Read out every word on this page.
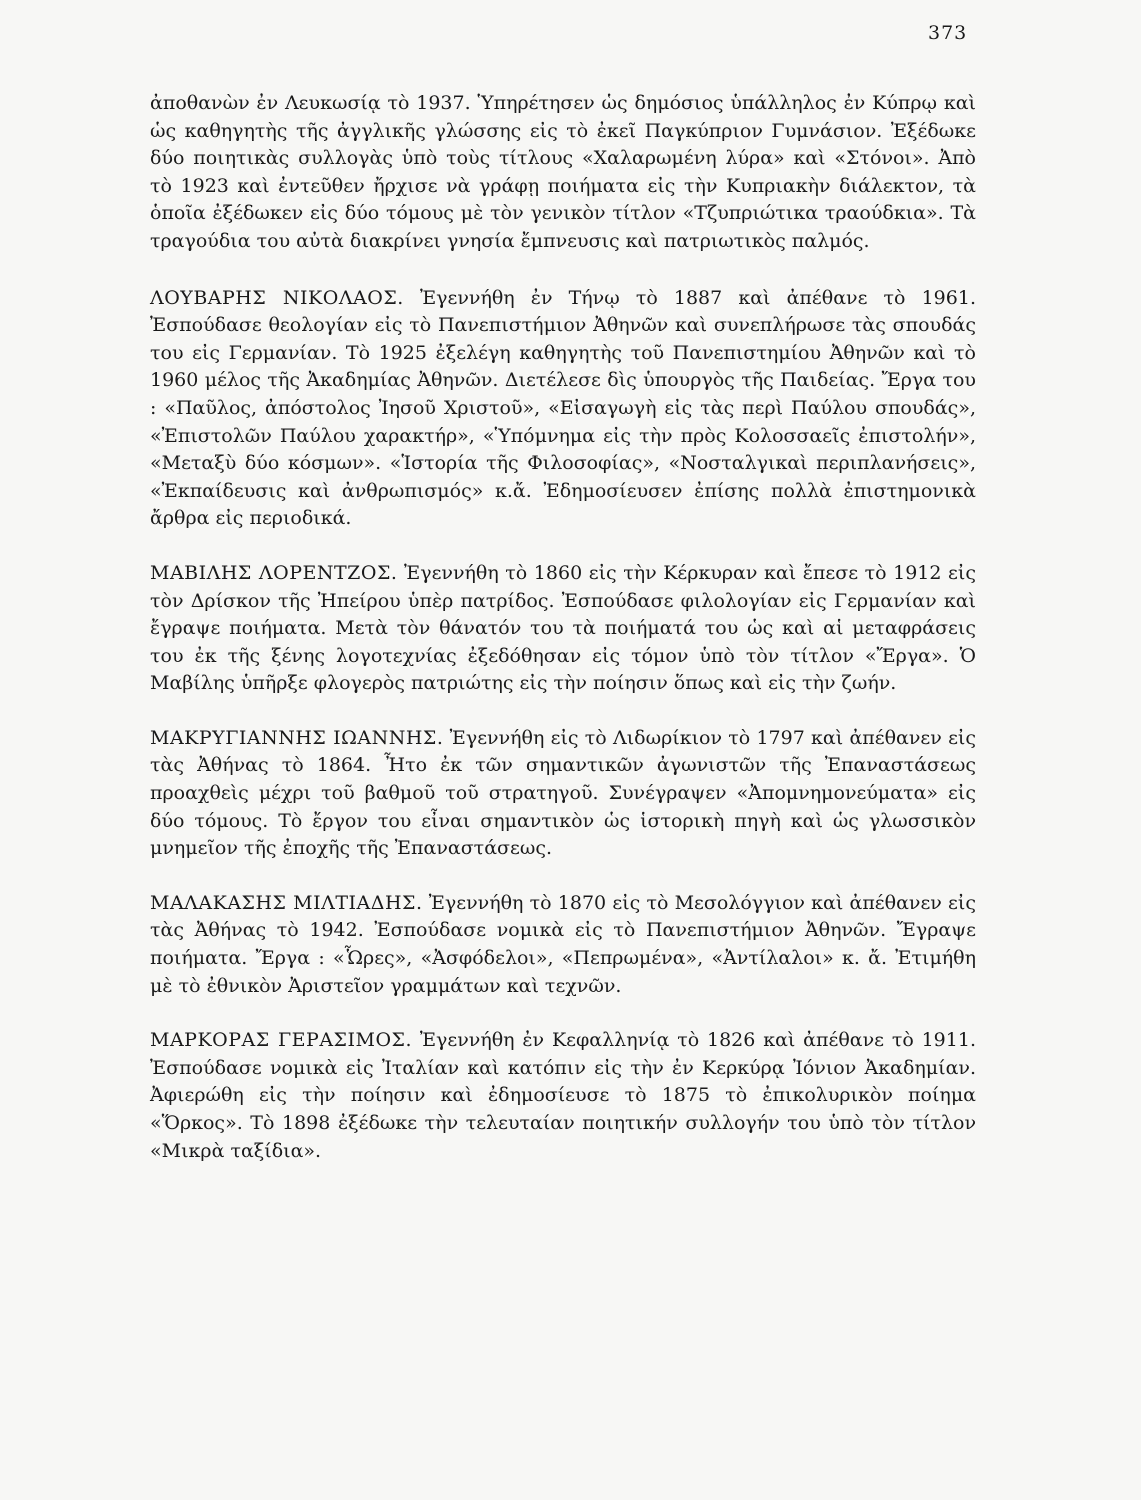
373

ἀποθανὼν ἐν Λευκωσίᾳ τὸ 1937. Ὑπηρέτησεν ὡς δημόσιος ὑπάλληλος ἐν Κύπρῳ καὶ ὡς καθηγητὴς τῆς ἀγγλικῆς γλώσσης εἰς τὸ ἐκεῖ Παγκύπριον Γυμνάσιον. Ἐξέδωκε δύο ποιητικὰς συλλογὰς ὑπὸ τοὺς τίτλους «Χαλαρωμένη λύρα» καὶ «Στόνοι». Ἀπὸ τὸ 1923 καὶ ἐντεῦθεν ἤρχισε νὰ γράφῃ ποιήματα εἰς τὴν Κυπριακὴν διάλεκτον, τὰ ὁποῖα ἐξέδωκεν εἰς δύο τόμους μὲ τὸν γενικὸν τίτλον «Τζυπριώτικα τραούδκια». Τὰ τραγούδια του αὐτὰ διακρίνει γνησία ἔμπνευσις καὶ πατριωτικὸς παλμός.

ΛΟΥΒΑΡΗΣ ΝΙΚΟΛΑΟΣ. Ἐγεννήθη ἐν Τήνῳ τὸ 1887 καὶ ἀπέθανε τὸ 1961. Ἐσπούδασε θεολογίαν εἰς τὸ Πανεπιστήμιον Ἀθηνῶν καὶ συνεπλήρωσε τὰς σπουδάς του εἰς Γερμανίαν. Τὸ 1925 ἐξελέγη καθηγητὴς τοῦ Πανεπιστημίου Ἀθηνῶν καὶ τὸ 1960 μέλος τῆς Ἀκαδημίας Ἀθηνῶν. Διετέλεσε δὶς ὑπουργὸς τῆς Παιδείας. Ἔργα του : «Παῦλος, ἀπόστολος Ἰησοῦ Χριστοῦ», «Εἰσαγωγὴ εἰς τὰς περὶ Παύλου σπουδάς», «Ἐπιστολῶν Παύλου χαρακτήρ», «Ὑπόμνημα εἰς τὴν πρὸς Κολοσσαεῖς ἐπιστολήν», «Μεταξὺ δύο κόσμων». «Ἱστορία τῆς Φιλοσοφίας», «Νοσταλγικαὶ περιπλανήσεις», «Ἐκπαίδευσις καὶ ἀνθρωπισμός» κ.ἄ. Ἐδημοσίευσεν ἐπίσης πολλὰ ἐπιστημονικὰ ἄρθρα εἰς περιοδικά.

ΜΑΒΙΛΗΣ ΛΟΡΕΝΤΖΟΣ. Ἐγεννήθη τὸ 1860 εἰς τὴν Κέρκυραν καὶ ἔπεσε τὸ 1912 εἰς τὸν Δρίσκον τῆς Ἠπείρου ὑπὲρ πατρίδος. Ἐσπούδασε φιλολογίαν εἰς Γερμανίαν καὶ ἔγραψε ποιήματα. Μετὰ τὸν θάνατόν του τὰ ποιήματά του ὡς καὶ αἱ μεταφράσεις του ἐκ τῆς ξένης λογοτεχνίας ἐξεδόθησαν εἰς τόμον ὑπὸ τὸν τίτλον «Ἔργα». Ὁ Μαβίλης ὑπῆρξε φλογερὸς πατριώτης εἰς τὴν ποίησιν ὅπως καὶ εἰς τὴν ζωήν.

ΜΑΚΡΥΓΙΑΝΝΗΣ ΙΩΑΝΝΗΣ. Ἐγεννήθη εἰς τὸ Λιδωρίκιον τὸ 1797 καὶ ἀπέθανεν εἰς τὰς Ἀθήνας τὸ 1864. Ἦτο ἐκ τῶν σημαντικῶν ἀγωνιστῶν τῆς Ἐπαναστάσεως προαχθεὶς μέχρι τοῦ βαθμοῦ τοῦ στρατηγοῦ. Συνέγραψεν «Ἀπομνημονεύματα» εἰς δύο τόμους. Τὸ ἔργον του εἶναι σημαντικὸν ὡς ἱστορικὴ πηγὴ καὶ ὡς γλωσσικὸν μνημεῖον τῆς ἐποχῆς τῆς Ἐπαναστάσεως.

ΜΑΛΑΚΑΣΗΣ ΜΙΛΤΙΑΔΗΣ. Ἐγεννήθη τὸ 1870 εἰς τὸ Μεσολόγγιον καὶ ἀπέθανεν εἰς τὰς Ἀθήνας τὸ 1942. Ἐσπούδασε νομικὰ εἰς τὸ Πανεπιστήμιον Ἀθηνῶν. Ἔγραψε ποιήματα. Ἔργα : «Ὧρες», «Ἀσφόδελοι», «Πεπρωμένα», «Ἀντίλαλοι» κ. ἄ. Ἐτιμήθη μὲ τὸ ἐθνικὸν Ἀριστεῖον γραμμάτων καὶ τεχνῶν.

ΜΑΡΚΟΡΑΣ ΓΕΡΑΣΙΜΟΣ. Ἐγεννήθη ἐν Κεφαλληνίᾳ τὸ 1826 καὶ ἀπέθανε τὸ 1911. Ἐσπούδασε νομικὰ εἰς Ἰταλίαν καὶ κατόπιν εἰς τὴν ἐν Κερκύρᾳ Ἰόνιον Ἀκαδημίαν. Ἀφιερώθη εἰς τὴν ποίησιν καὶ ἐδημοσίευσε τὸ 1875 τὸ ἐπικολυρικὸν ποίημα «Ὅρκος». Τὸ 1898 ἐξέδωκε τὴν τελευταίαν ποιητικήν συλλογήν του ὑπὸ τὸν τίτλον «Μικρὰ ταξίδια».
